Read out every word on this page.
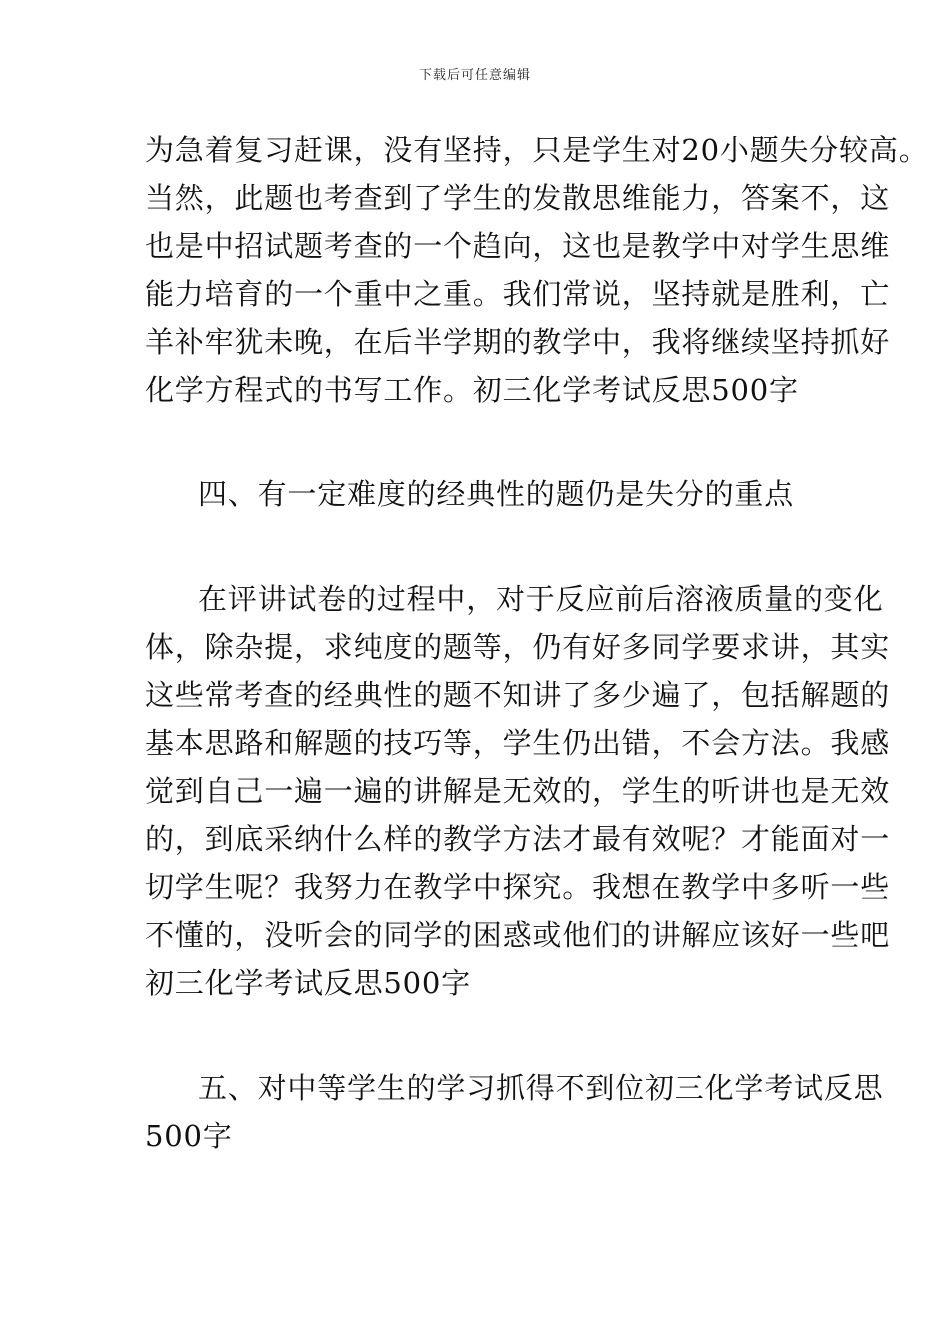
下载后可任意编辑
为急着复习赶课，没有坚持，只是学生对20小题失分较高。
当然，此题也考查到了学生的发散思维能力，答案不，这
也是中招试题考查的一个趋向，这也是教学中对学生思维
能力培育的一个重中之重。我们常说，坚持就是胜利，亡
羊补牢犹未晚，在后半学期的教学中，我将继续坚持抓好
化学方程式的书写工作。初三化学考试反思500字
四、有一定难度的经典性的题仍是失分的重点
在评讲试卷的过程中，对于反应前后溶液质量的变化
体，除杂提，求纯度的题等，仍有好多同学要求讲，其实
这些常考查的经典性的题不知讲了多少遍了，包括解题的
基本思路和解题的技巧等，学生仍出错，不会方法。我感
觉到自己一遍一遍的讲解是无效的，学生的听讲也是无效
的，到底采纳什么样的教学方法才最有效呢？才能面对一
切学生呢？我努力在教学中探究。我想在教学中多听一些
不懂的，没听会的同学的困惑或他们的讲解应该好一些吧
初三化学考试反思500字
五、对中等学生的学习抓得不到位初三化学考试反思
500字
